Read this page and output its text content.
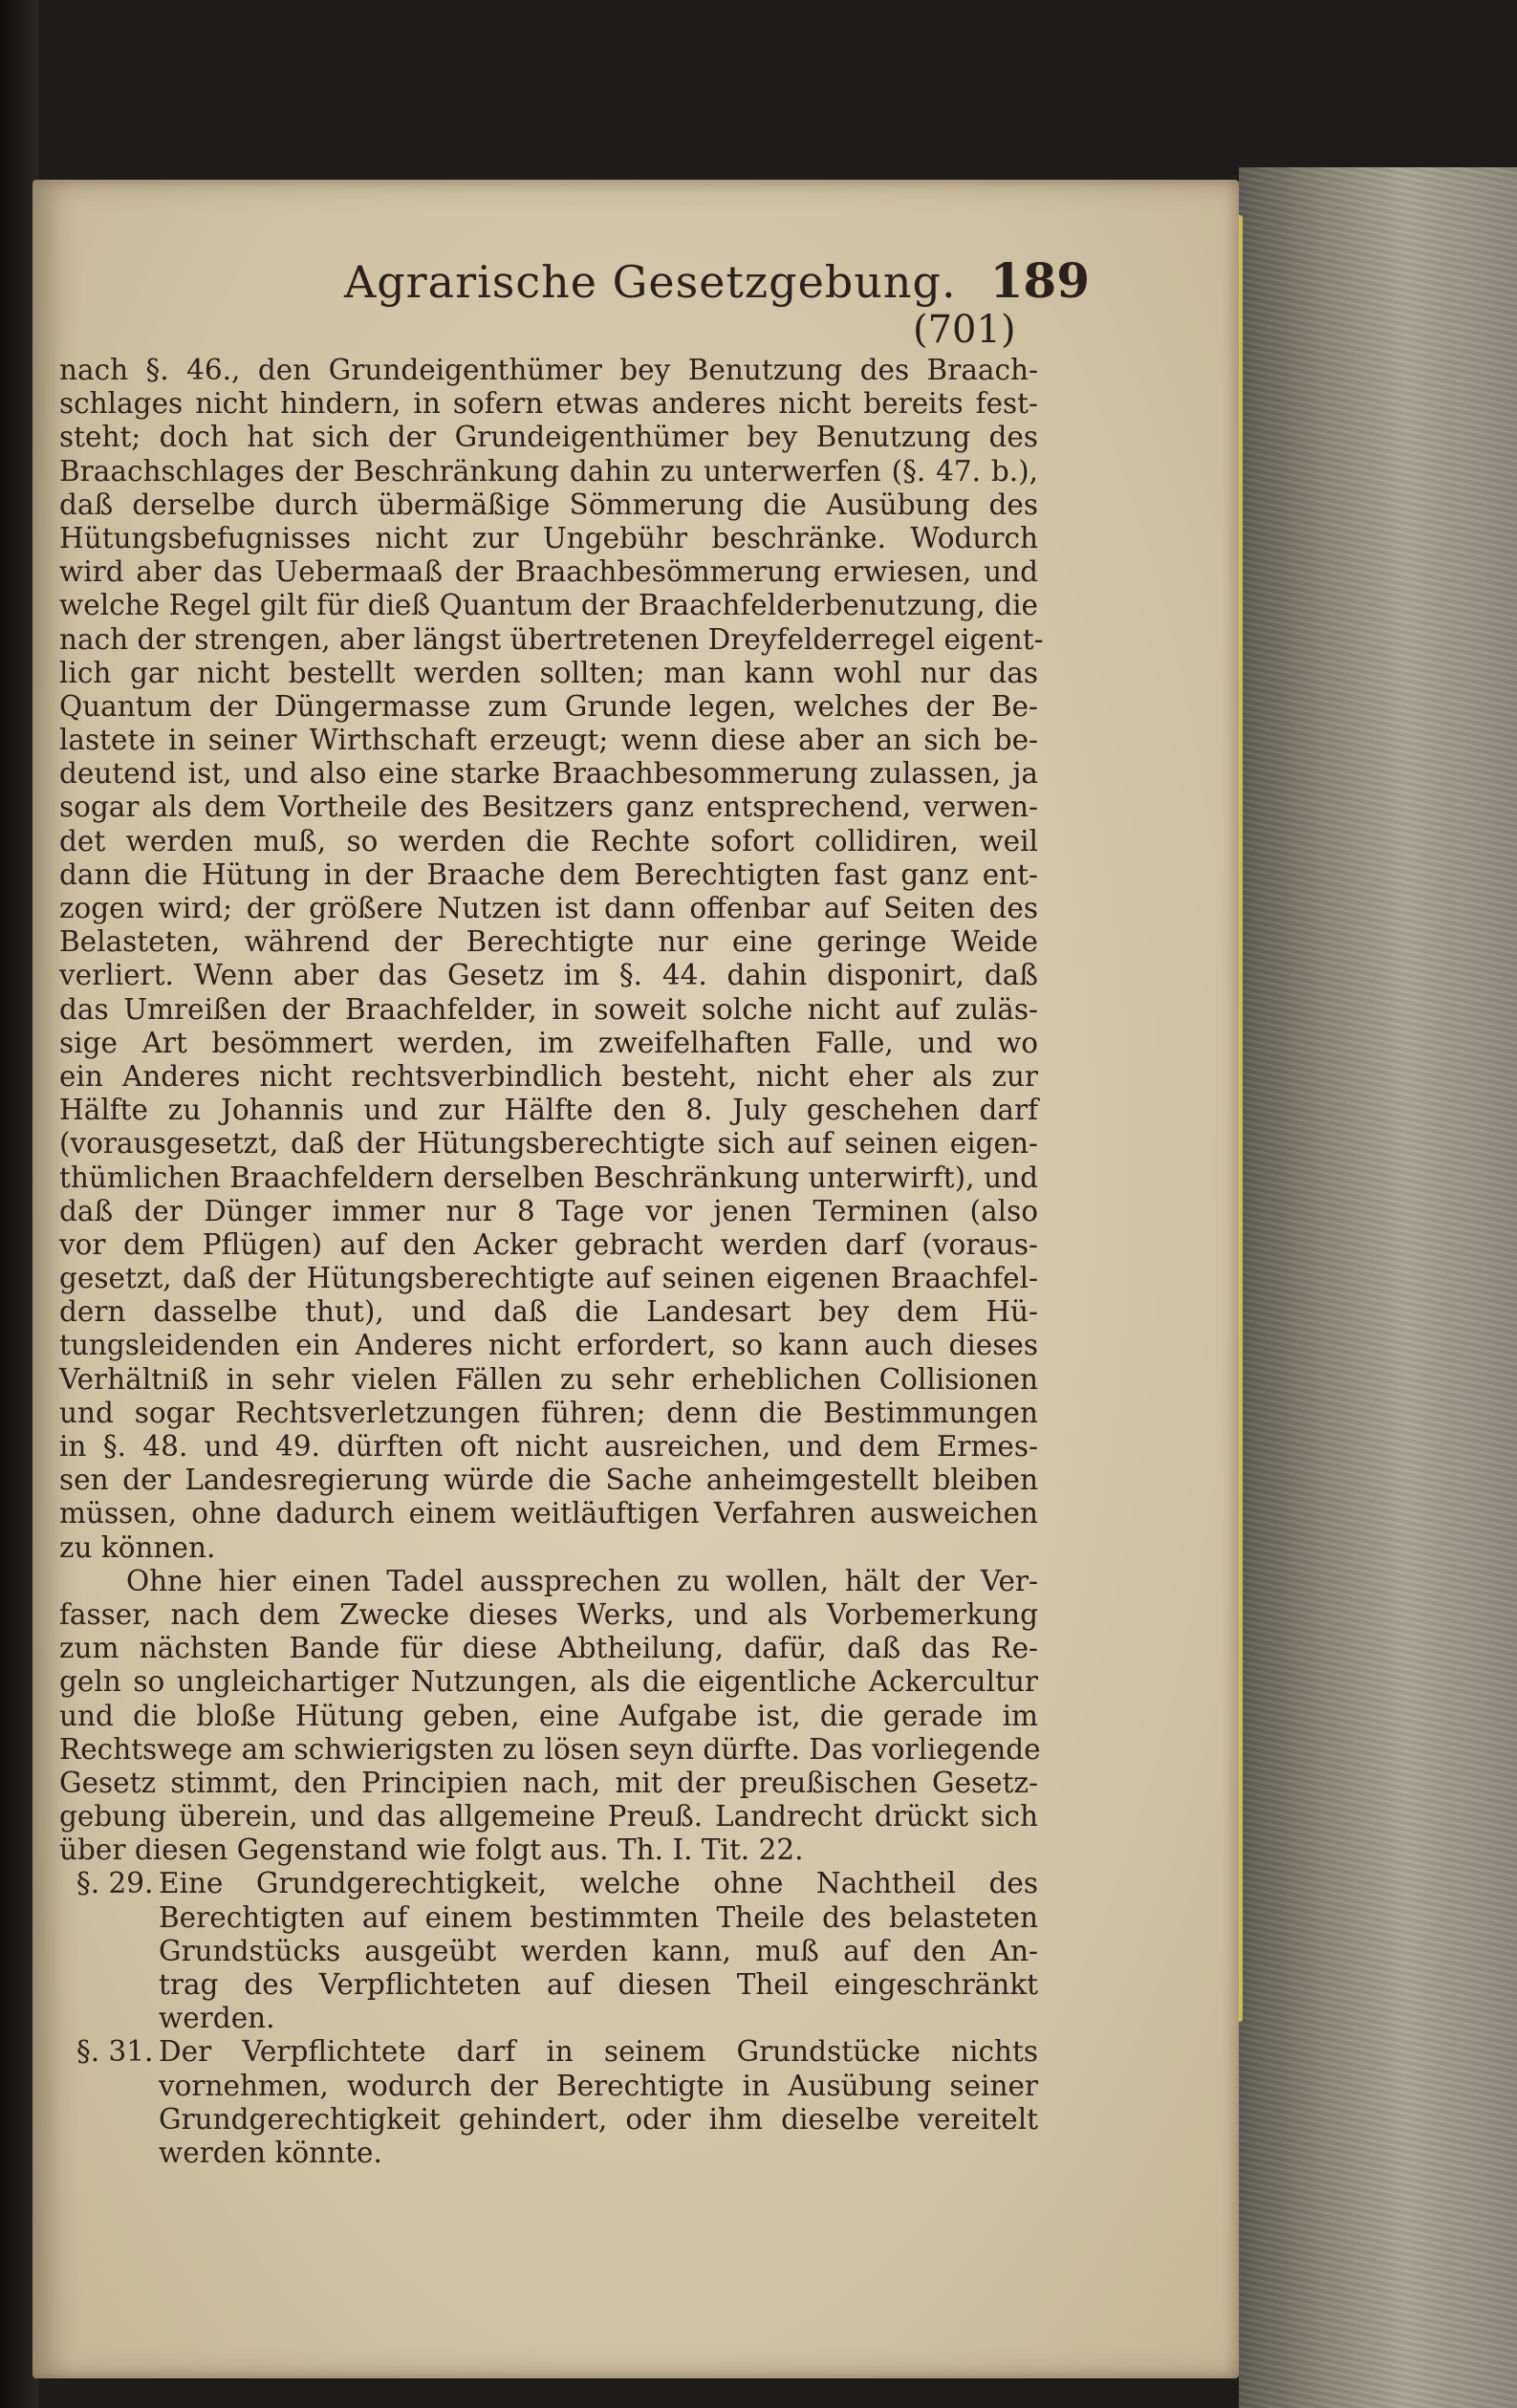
Agrarische Gesetzgebung. 189
(701)
nach §. 46., den Grundeigenthümer bey Benutzung des Braach-
schlages nicht hindern, in sofern etwas anderes nicht bereits fest-
steht; doch hat sich der Grundeigenthümer bey Benutzung des
Braachschlages der Beschränkung dahin zu unterwerfen (§. 47. b.),
daß derselbe durch übermäßige Sömmerung die Ausübung des
Hütungsbefugnisses nicht zur Ungebühr beschränke. Wodurch
wird aber das Uebermaaß der Braachbesömmerung erwiesen, und
welche Regel gilt für dieß Quantum der Braachfelderbenutzung, die
nach der strengen, aber längst übertretenen Dreyfelderregel eigent-
lich gar nicht bestellt werden sollten; man kann wohl nur das
Quantum der Düngermasse zum Grunde legen, welches der Be-
lastete in seiner Wirthschaft erzeugt; wenn diese aber an sich be-
deutend ist, und also eine starke Braachbesommerung zulassen, ja
sogar als dem Vortheile des Besitzers ganz entsprechend, verwen-
det werden muß, so werden die Rechte sofort collidiren, weil
dann die Hütung in der Braache dem Berechtigten fast ganz ent-
zogen wird; der größere Nutzen ist dann offenbar auf Seiten des
Belasteten, während der Berechtigte nur eine geringe Weide
verliert. Wenn aber das Gesetz im §. 44. dahin disponirt, daß
das Umreißen der Braachfelder, in soweit solche nicht auf zuläs-
sige Art besömmert werden, im zweifelhaften Falle, und wo
ein Anderes nicht rechtsverbindlich besteht, nicht eher als zur
Hälfte zu Johannis und zur Hälfte den 8. July geschehen darf
(vorausgesetzt, daß der Hütungsberechtigte sich auf seinen eigen-
thümlichen Braachfeldern derselben Beschränkung unterwirft), und
daß der Dünger immer nur 8 Tage vor jenen Terminen (also
vor dem Pflügen) auf den Acker gebracht werden darf (voraus-
gesetzt, daß der Hütungsberechtigte auf seinen eigenen Braachfel-
dern dasselbe thut), und daß die Landesart bey dem Hü-
tungsleidenden ein Anderes nicht erfordert, so kann auch dieses
Verhältniß in sehr vielen Fällen zu sehr erheblichen Collisionen
und sogar Rechtsverletzungen führen; denn die Bestimmungen
in §. 48. und 49. dürften oft nicht ausreichen, und dem Ermes-
sen der Landesregierung würde die Sache anheimgestellt bleiben
müssen, ohne dadurch einem weitläuftigen Verfahren ausweichen
zu können.
Ohne hier einen Tadel aussprechen zu wollen, hält der Ver-
fasser, nach dem Zwecke dieses Werks, und als Vorbemerkung
zum nächsten Bande für diese Abtheilung, dafür, daß das Re-
geln so ungleichartiger Nutzungen, als die eigentliche Ackercultur
und die bloße Hütung geben, eine Aufgabe ist, die gerade im
Rechtswege am schwierigsten zu lösen seyn dürfte. Das vorliegende
Gesetz stimmt, den Principien nach, mit der preußischen Gesetz-
gebung überein, und das allgemeine Preuß. Landrecht drückt sich
über diesen Gegenstand wie folgt aus. Th. I. Tit. 22.
§. 29. Eine Grundgerechtigkeit, welche ohne Nachtheil des
Berechtigten auf einem bestimmten Theile des belasteten
Grundstücks ausgeübt werden kann, muß auf den An-
trag des Verpflichteten auf diesen Theil eingeschränkt
werden.
§. 31. Der Verpflichtete darf in seinem Grundstücke nichts
vornehmen, wodurch der Berechtigte in Ausübung seiner
Grundgerechtigkeit gehindert, oder ihm dieselbe vereitelt
werden könnte.
